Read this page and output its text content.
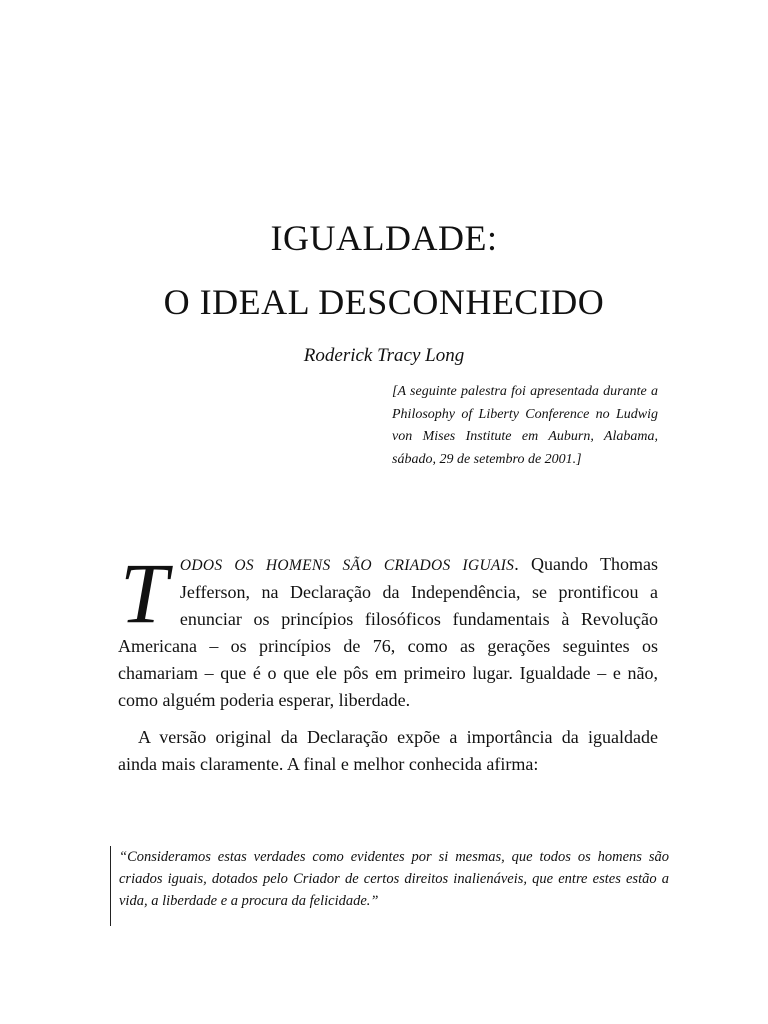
IGUALDADE:
O IDEAL DESCONHECIDO
Roderick Tracy Long
[A seguinte palestra foi apresentada durante a Philosophy of Liberty Conference no Ludwig von Mises Institute em Auburn, Alabama, sábado, 29 de setembro de 2001.]

TODOS OS HOMENS SÃO CRIADOS IGUAIS. Quando Thomas Jefferson, na Declaração da Independência, se prontificou a enunciar os princípios filosóficos fundamentais à Revolução Americana – os princípios de 76, como as gerações seguintes os chamariam – que é o que ele pôs em primeiro lugar. Igualdade – e não, como alguém poderia esperar, liberdade.

A versão original da Declaração expõe a importância da igualdade ainda mais claramente. A final e melhor conhecida afirma:

“Consideramos estas verdades como evidentes por si mesmas, que todos os homens são criados iguais, dotados pelo Criador de certos direitos inalienáveis, que entre estes estão a vida, a liberdade e a procura da felicidade.”
